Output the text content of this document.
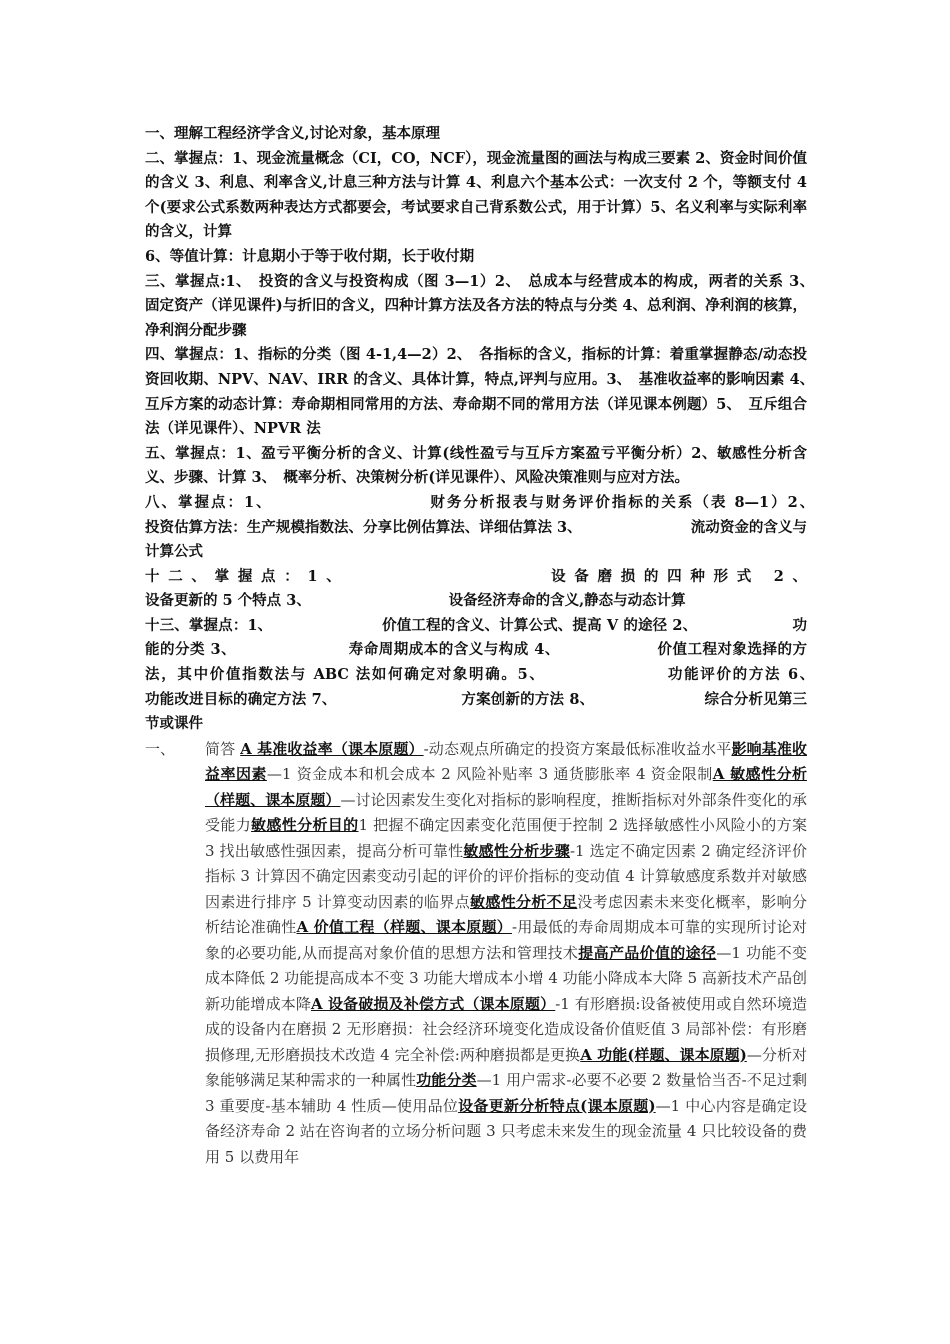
一、理解工程经济学含义,讨论对象，基本原理

二、掌握点：1、现金流量概念（CI，CO，NCF），现金流量图的画法与构成三要素 2、资金时间价值的含义 3、利息、利率含义,计息三种方法与计算 4、利息六个基本公式：一次支付 2 个，等额支付 4 个(要求公式系数两种表达方式都要会，考试要求自己背系数公式，用于计算）5、名义利率与实际利率的含义，计算

6、等值计算：计息期小于等于收付期，长于收付期

三、掌握点:1、　投资的含义与投资构成（图 3—1）2、　总成本与经营成本的构成，两者的关系 3、　　固定资产（详见课件)与折旧的含义，四种计算方法及各方法的特点与分类 4、总利润、净利润的核算，净利润分配步骤

四、掌握点：1、指标的分类（图 4-1,4—2）2、　各指标的含义，指标的计算：着重掌握静态/动态投资回收期、NPV、NAV、IRR 的含义、具体计算，特点,评判与应用。3、　基准收益率的影响因素 4、　互斥方案的动态计算：寿命期相同常用的方法、寿命期不同的常用方法（详见课本例题）5、　互斥组合法（详见课件）、NPVR 法

五、掌握点：1、盈亏平衡分析的含义、计算(线性盈亏与互斥方案盈亏平衡分析）2、敏感性分析含义、步骤、计算 3、　概率分析、决策树分析(详见课件）、风险决策准则与应对方法。

八、掌握点：1、　　　　　　　　　　财务分析报表与财务评价指标的关系（表 8—1）2、　　　　　　　　投资估算方法：生产规模指数法、分享比例估算法、详细估算法 3、　　　　　　　　流动资金的含义与计算公式

十二、掌握点：1、　　　　　　　　　设备磨损的四种形式 2、

设备更新的 5 个特点 3、　　　　　　　　　　设备经济寿命的含义,静态与动态计算

十三、掌握点：1、　　　　　　　　价值工程的含义、计算公式、提高 V 的途径 2、　　　　　　　功能的分类 3、　　　　　　　　寿命周期成本的含义与构成 4、　　　　　　　价值工程对象选择的方法，其中价值指数法与 ABC 法如何确定对象明确。5、　　　　　　　　功能评价的方法 6、　　　　　　　　功能改进目标的确定方法 7、　　　　　　　　　方案创新的方法 8、　　　　　　　　综合分析见第三节或课件

一、	简答 A 基准收益率（课本原题）-动态观点所确定的投资方案最低标准收益水平影响基准收益率因素—1 资金成本和机会成本 2 风险补贴率 3 通货膨胀率 4 资金限制A 敏感性分析（样题、课本原题）—讨论因素发生变化对指标的影响程度，推断指标对外部条件变化的承受能力敏感性分析目的1 把握不确定因素变化范围便于控制 2 选择敏感性小风险小的方案 3 找出敏感性强因素，提高分析可靠性敏感性分析步骤-1 选定不确定因素 2 确定经济评价指标 3 计算因不确定因素变动引起的评价的评价指标的变动值 4 计算敏感度系数并对敏感因素进行排序 5 计算变动因素的临界点敏感性分析不足没考虑因素未来变化概率，影响分析结论准确性A 价值工程（样题、课本原题）-用最低的寿命周期成本可靠的实现所讨论对象的必要功能,从而提高对象价值的思想方法和管理技术提高产品价值的途径—1 功能不变成本降低 2 功能提高成本不变 3 功能大增成本小增 4 功能小降成本大降 5 高新技术产品创新功能增成本降A 设备破损及补偿方式（课本原题）-1 有形磨损:设备被使用或自然环境造成的设备内在磨损 2 无形磨损：社会经济环境变化造成设备价值贬值 3 局部补偿：有形磨损修理,无形磨损技术改造 4 完全补偿:两种磨损都是更换A 功能(样题、课本原题)—分析对象能够满足某种需求的一种属性功能分类—1 用户需求-必要不必要 2 数量恰当否-不足过剩 3 重要度-基本辅助 4 性质—使用品位设备更新分析特点(课本原题)—1 中心内容是确定设备经济寿命 2 站在咨询者的立场分析问题 3 只考虑未来发生的现金流量 4 只比较设备的费用 5 以费用年
